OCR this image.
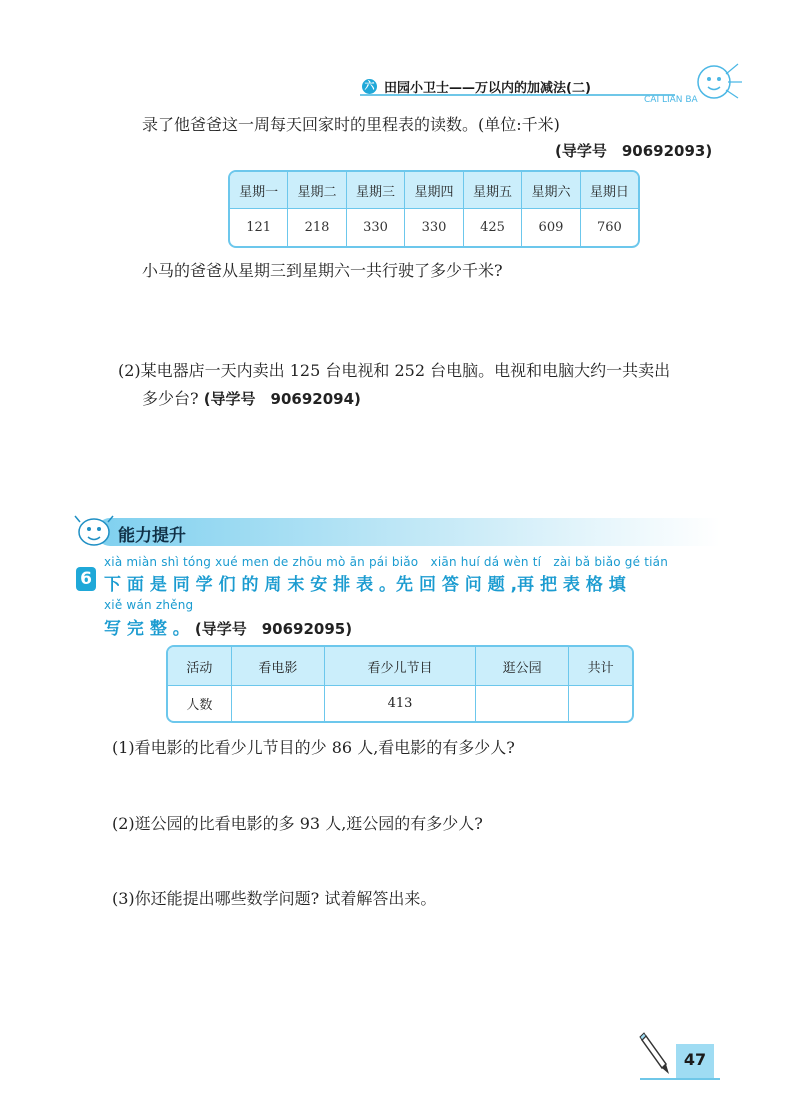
六 田园小卫士——万以内的加减法(二)
CAI LIAN BA
录了他爸爸这一周每天回家时的里程表的读数。(单位:千米)
(导学号　90692093)
星期一	星期二	星期三	星期四	星期五	星期六	星期日
121	218	330	330	425	609	760
小马的爸爸从星期三到星期六一共行驶了多少千米?
(2)某电器店一天内卖出 125 台电视和 252 台电脑。电视和电脑大约一共卖出
多少台? (导学号　90692094)
能力提升
xià miàn shì tóng xué men de zhōu mò ān pái biǎo　xiān huí dá wèn tí　zài bǎ biǎo gé tián
6 下 面 是 同 学 们 的 周 末 安 排 表 。先 回 答 问 题 ,再 把 表 格 填
xiě wán zhěng
写 完 整 。 (导学号　90692095)
活动	看电影	看少儿节目	逛公园	共计
人数		413		
(1)看电影的比看少儿节目的少 86 人,看电影的有多少人?
(2)逛公园的比看电影的多 93 人,逛公园的有多少人?
(3)你还能提出哪些数学问题? 试着解答出来。
47
